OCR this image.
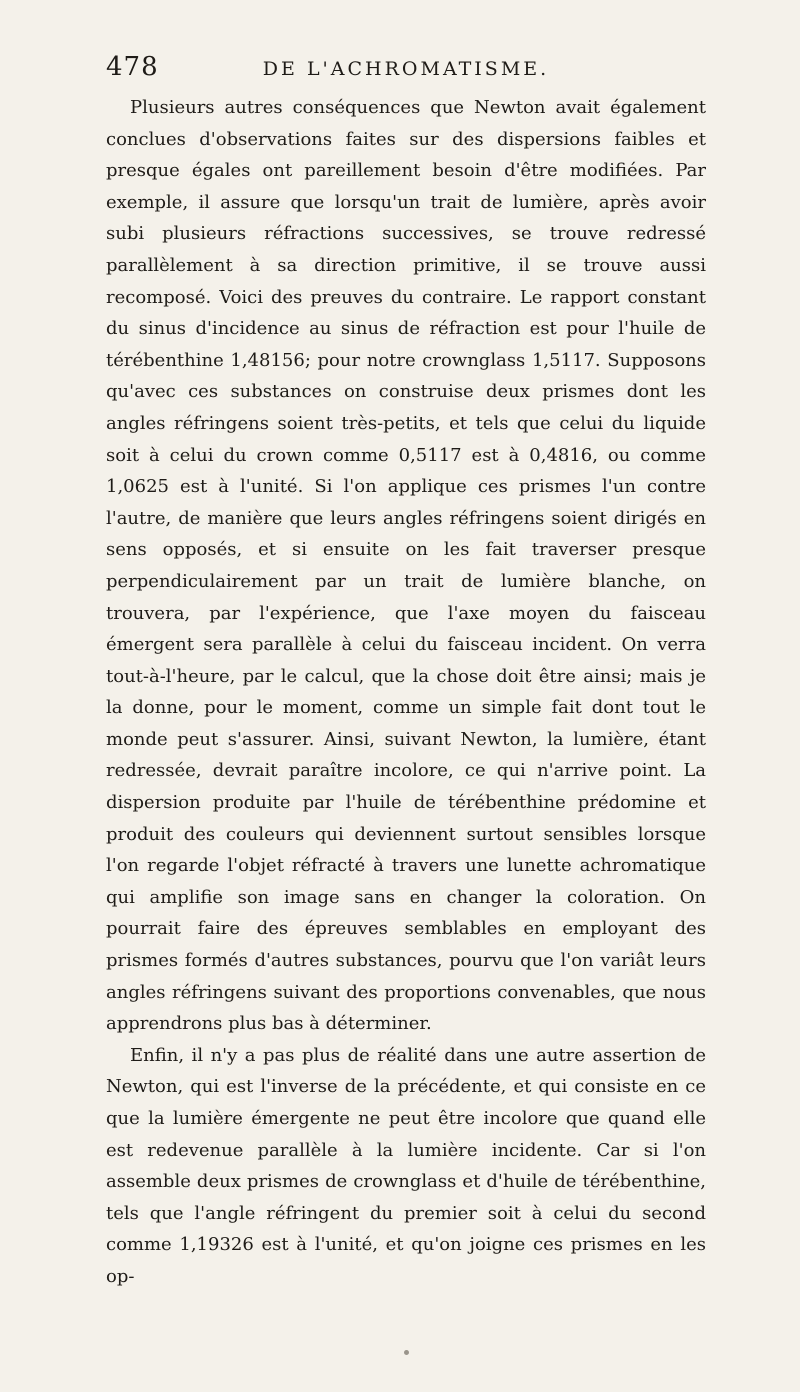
478	DE L'ACHROMATISME.

Plusieurs autres conséquences que Newton avait également conclues d'observations faites sur des dispersions faibles et presque égales ont pareillement besoin d'être modifiées. Par exemple, il assure que lorsqu'un trait de lumière, après avoir subi plusieurs réfractions successives, se trouve redressé parallèlement à sa direction primitive, il se trouve aussi recomposé. Voici des preuves du contraire. Le rapport constant du sinus d'incidence au sinus de réfraction est pour l'huile de térébenthine 1,48156; pour notre crownglass 1,5117. Supposons qu'avec ces substances on construise deux prismes dont les angles réfringens soient très-petits, et tels que celui du liquide soit à celui du crown comme 0,5117 est à 0,4816, ou comme 1,0625 est à l'unité. Si l'on applique ces prismes l'un contre l'autre, de manière que leurs angles réfringens soient dirigés en sens opposés, et si ensuite on les fait traverser presque perpendiculairement par un trait de lumière blanche, on trouvera, par l'expérience, que l'axe moyen du faisceau émergent sera parallèle à celui du faisceau incident. On verra tout-à-l'heure, par le calcul, que la chose doit être ainsi; mais je la donne, pour le moment, comme un simple fait dont tout le monde peut s'assurer. Ainsi, suivant Newton, la lumière, étant redressée, devrait paraître incolore, ce qui n'arrive point. La dispersion produite par l'huile de térébenthine prédomine et produit des couleurs qui deviennent surtout sensibles lorsque l'on regarde l'objet réfracté à travers une lunette achromatique qui amplifie son image sans en changer la coloration. On pourrait faire des épreuves semblables en employant des prismes formés d'autres substances, pourvu que l'on variât leurs angles réfringens suivant des proportions convenables, que nous apprendrons plus bas à déterminer.

Enfin, il n'y a pas plus de réalité dans une autre assertion de Newton, qui est l'inverse de la précédente, et qui consiste en ce que la lumière émergente ne peut être incolore que quand elle est redevenue parallèle à la lumière incidente. Car si l'on assemble deux prismes de crownglass et d'huile de térébenthine, tels que l'angle réfringent du premier soit à celui du second comme 1,19326 est à l'unité, et qu'on joigne ces prismes en les op-
